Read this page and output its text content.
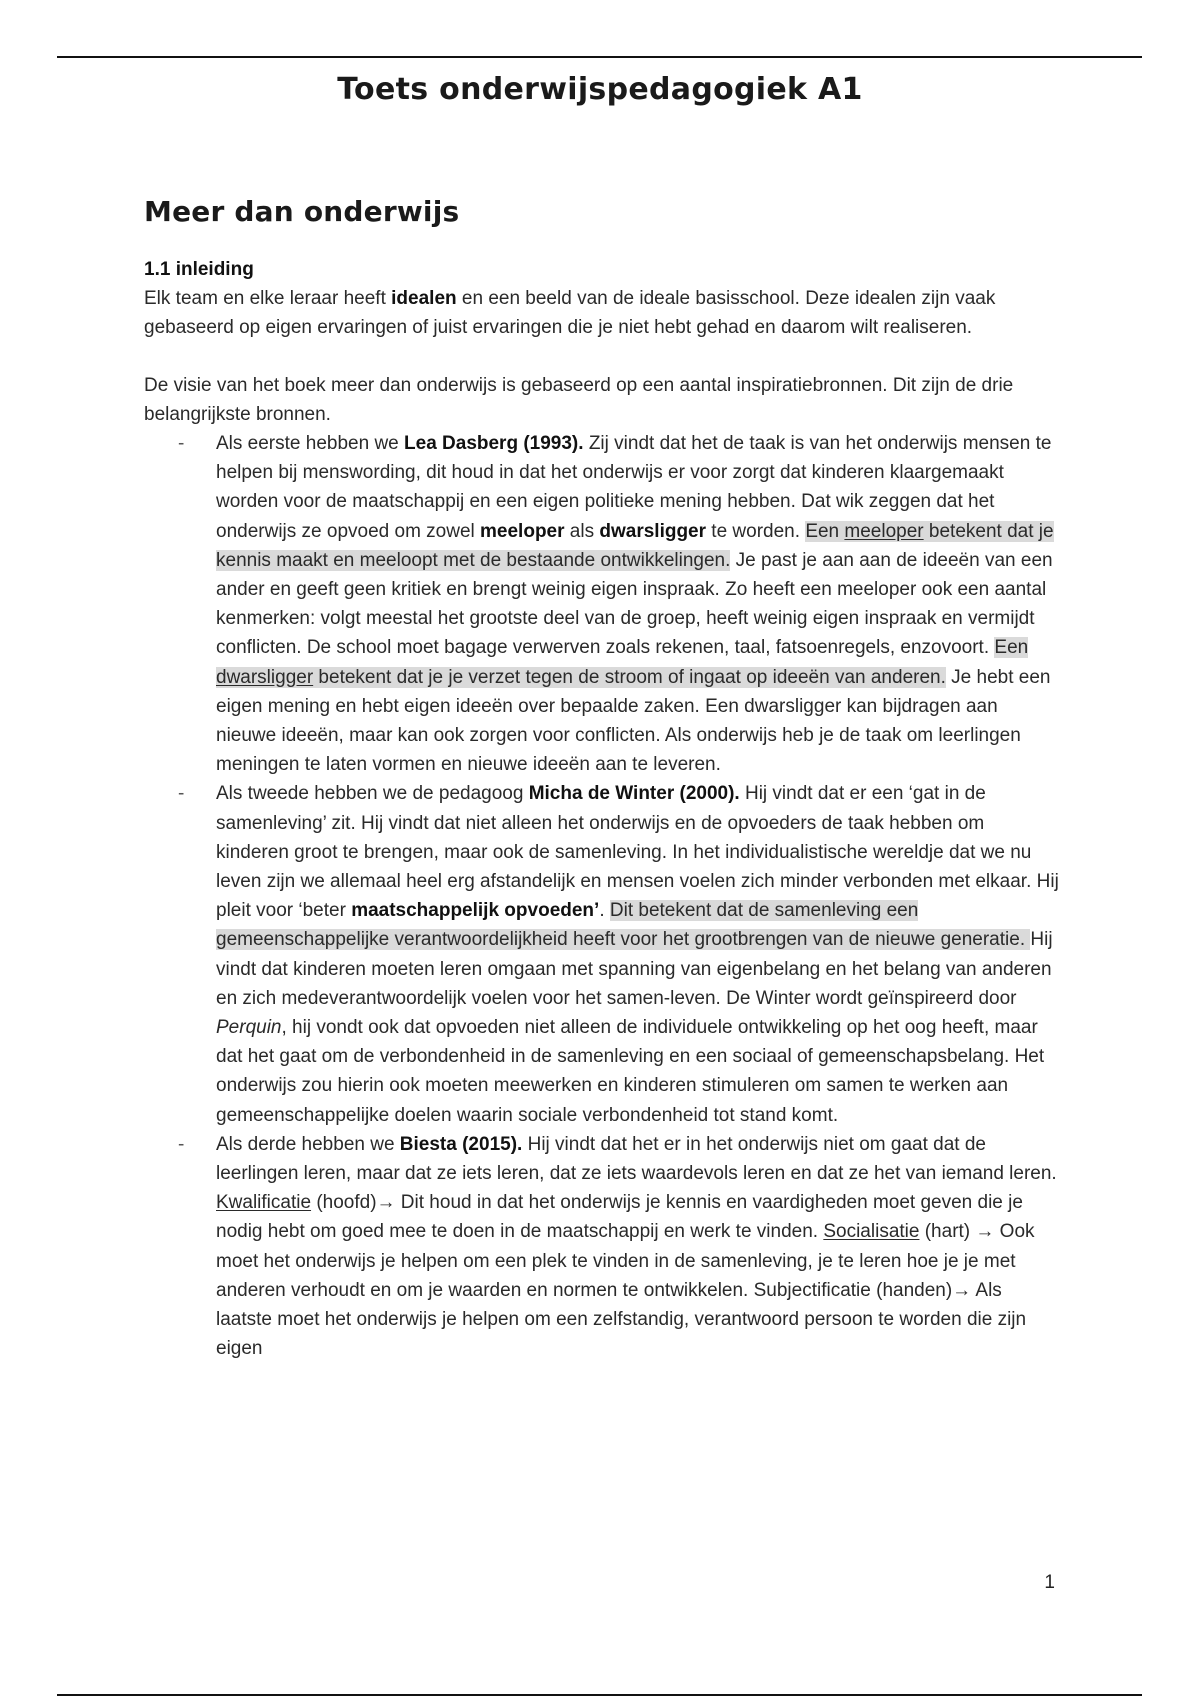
Toets onderwijspedagogiek A1
Meer dan onderwijs
1.1 inleiding

Elk team en elke leraar heeft idealen en een beeld van de ideale basisschool. Deze idealen zijn vaak gebaseerd op eigen ervaringen of juist ervaringen die je niet hebt gehad en daarom wilt realiseren.

De visie van het boek meer dan onderwijs is gebaseerd op een aantal inspiratiebronnen. Dit zijn de drie belangrijkste bronnen.

- Als eerste hebben we Lea Dasberg (1993). Zij vindt dat het de taak is van het onderwijs mensen te helpen bij menswording, dit houd in dat het onderwijs er voor zorgt dat kinderen klaargemaakt worden voor de maatschappij en een eigen politieke mening hebben. Dat wik zeggen dat het onderwijs ze opvoed om zowel meeloper als dwarsligger te worden. Een meeloper betekent dat je kennis maakt en meeloopt met de bestaande ontwikkelingen. Je past je aan aan de ideeën van een ander en geeft geen kritiek en brengt weinig eigen inspraak. Zo heeft een meeloper ook een aantal kenmerken: volgt meestal het grootste deel van de groep, heeft weinig eigen inspraak en vermijdt conflicten. De school moet bagage verwerven zoals rekenen, taal, fatsoenregels, enzovoort. Een dwarsligger betekent dat je je verzet tegen de stroom of ingaat op ideeën van anderen. Je hebt een eigen mening en hebt eigen ideeën over bepaalde zaken. Een dwarsligger kan bijdragen aan nieuwe ideeën, maar kan ook zorgen voor conflicten. Als onderwijs heb je de taak om leerlingen meningen te laten vormen en nieuwe ideeën aan te leveren.
- Als tweede hebben we de pedagoog Micha de Winter (2000). Hij vindt dat er een ‘gat in de samenleving’ zit. Hij vindt dat niet alleen het onderwijs en de opvoeders de taak hebben om kinderen groot te brengen, maar ook de samenleving. In het individualistische wereldje dat we nu leven zijn we allemaal heel erg afstandelijk en mensen voelen zich minder verbonden met elkaar. Hij pleit voor ‘beter maatschappelijk opvoeden’. Dit betekent dat de samenleving een gemeenschappelijke verantwoordelijkheid heeft voor het grootbrengen van de nieuwe generatie. Hij vindt dat kinderen moeten leren omgaan met spanning van eigenbelang en het belang van anderen en zich medeverantwoordelijk voelen voor het samen-leven. De Winter wordt geïnspireerd door Perquin, hij vondt ook dat opvoeden niet alleen de individuele ontwikkeling op het oog heeft, maar dat het gaat om de verbondenheid in de samenleving en een sociaal of gemeenschapsbelang. Het onderwijs zou hierin ook moeten meewerken en kinderen stimuleren om samen te werken aan gemeenschappelijke doelen waarin sociale verbondenheid tot stand komt.
- Als derde hebben we Biesta (2015). Hij vindt dat het er in het onderwijs niet om gaat dat de leerlingen leren, maar dat ze iets leren, dat ze iets waardevols leren en dat ze het van iemand leren. Kwalificatie (hoofd)→ Dit houd in dat het onderwijs je kennis en vaardigheden moet geven die je nodig hebt om goed mee te doen in de maatschappij en werk te vinden. Socialisatie (hart) → Ook moet het onderwijs je helpen om een plek te vinden in de samenleving, je te leren hoe je je met anderen verhoudt en om je waarden en normen te ontwikkelen. Subjectificatie (handen)→ Als laatste moet het onderwijs je helpen om een zelfstandig, verantwoord persoon te worden die zijn eigen
1
